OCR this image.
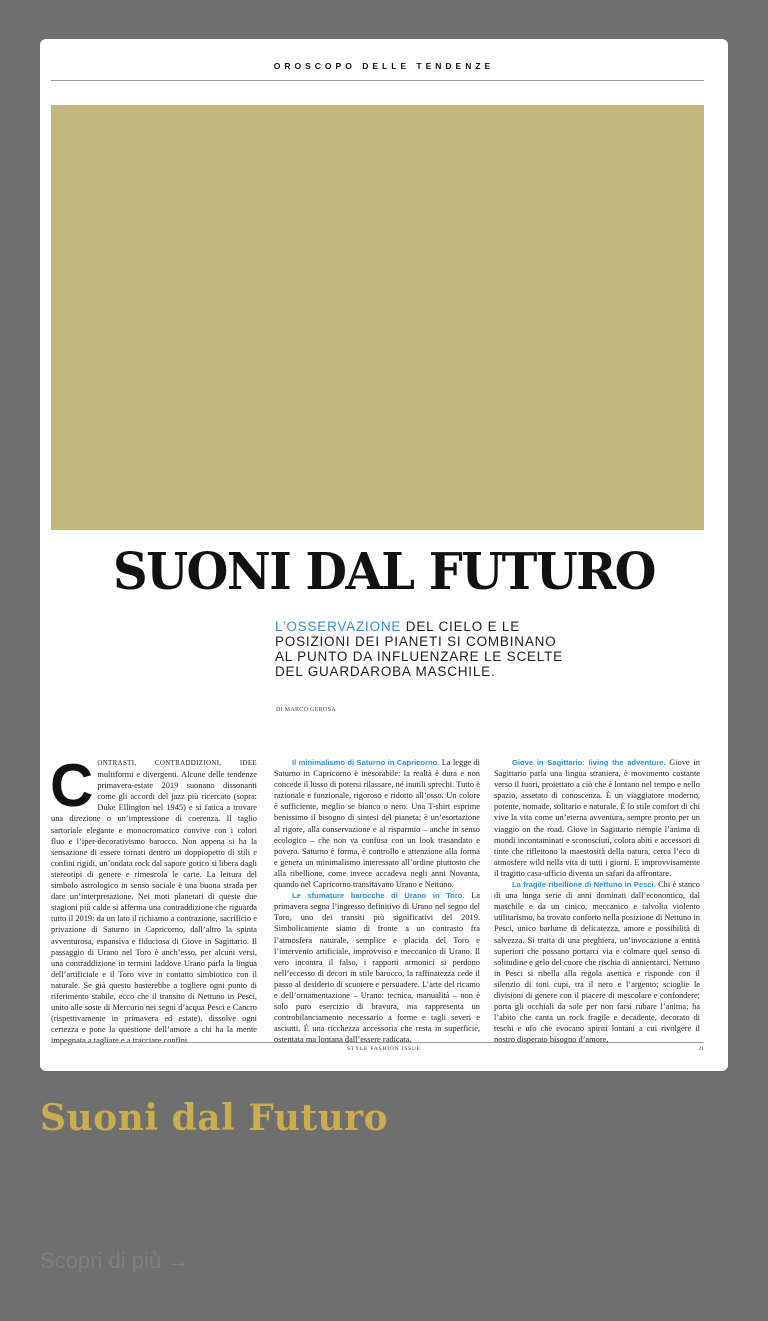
OROSCOPO DELLE TENDENZE
SUONI DAL FUTURO
L’OSSERVAZIONE DEL CIELO E LE POSIZIONI DEI PIANETI SI COMBINANO AL PUNTO DA INFLUENZARE LE SCELTE DEL GUARDAROBA MASCHILE.
DI MARCO GEROSA

CONTRASTI, CONTRADDIZIONI, IDEE multiformi e divergenti. Alcune delle tendenze primavera-estate 2019 suonano dissonanti come gli accordi del jazz più ricercato (sopra: Duke Ellington nel 1945) e si fatica a trovare una direzione o un’impressione di coerenza. Il taglio sartoriale elegante e monocromatico convive con i colori fluo e l’iper-decorativismo barocco. Non appena si ha la sensazione di essere tornati dentro un doppiopetto di stili e confini rigidi, un’ondata rock dal sapore gotico si libera dagli stereotipi di genere e rimescola le carte. La lettura del simbolo astrologico in senso sociale è una buona strada per dare un’interpretazione. Nei moti planetari di queste due stagioni più calde si afferma una contraddizione che riguarda tutto il 2019: da un lato il richiamo a contrazione, sacrificio e privazione di Saturno in Capricorno, dall’altro la spinta avventurosa, espansiva e fiduciosa di Giove in Sagittario. Il passaggio di Urano nel Toro è anch’esso, per alcuni versi, una contraddizione in termini laddove Urano parla la lingua dell’artificiale e il Toro vive in contatto simbiotico con il naturale. Se già questo basterebbe a togliere ogni punto di riferimento stabile, ecco che il transito di Nettuno in Pesci, unito alle soste di Mercurio nei segni d’acqua Pesci e Cancro (rispettivamente in primavera ed estate), dissolve ogni certezza e pone la questione dell’amore a chi ha la mente impegnata a tagliare e a tracciare confini.

Il minimalismo di Saturno in Capricorno. La legge di Saturno in Capricorno è inesorabile: la realtà è dura e non concede il lusso di potersi rilassare, né inutili sprechi. Tutto è razionale e funzionale, rigoroso e ridotto all’osso. Un colore è sufficiente, meglio se bianco o nero. Una T-shirt esprime benissimo il bisogno di sintesi del pianeta; è un’esortazione al rigore, alla conservazione e al risparmio – anche in senso ecologico – che non va confusa con un look trasandato e povero. Saturno è forma, è controllo e attenzione alla forma e genera un minimalismo interessato all’ordine piuttosto che alla ribellione, come invece accadeva negli anni Novanta, quando nel Capricorno transitavano Urano e Nettuno.

Le sfumature barocche di Urano in Toro. La primavera segna l’ingresso definitivo di Urano nel segno del Toro, uno dei transiti più significativi del 2019. Simbolicamente siamo di fronte a un contrasto fra l’atmosfera naturale, semplice e placida del Toro e l’intervento artificiale, improvviso e meccanico di Urano. Il vero incontra il falso, i rapporti armonici si perdono nell’eccesso di decori in stile barocco, la raffinatezza cede il passo al desiderio di scuotere e persuadere. L’arte del ricamo e dell’ornamentazione – Urano: tecnica, manualità – non è solo puro esercizio di bravura, ma rappresenta un controbilanciamento necessario a forme e tagli severi e asciutti. È una ricchezza accessoria che resta in superficie, ostentata ma lontana dall’essere radicata.

Giove in Sagittario: living the adventure. Giove in Sagittario parla una lingua straniera, è movimento costante verso il fuori, proiettato a ciò che è lontano nel tempo e nello spazio, assetato di conoscenza. È un viaggiatore moderno, potente, nomade, solitario e naturale. È lo stile comfort di chi vive la vita come un’eterna avventura, sempre pronto per un viaggio on the road. Giove in Sagittario riempie l’anima di mondi incontaminati e sconosciuti, colora abiti e accessori di tinte che riflettono la maestosità della natura, cerca l’eco di atmosfere wild nella vita di tutti i giorni. E improvvisamente il tragitto casa-ufficio diventa un safari da affrontare.

La fragile ribellione di Nettuno in Pesci. Chi è stanco di una lunga serie di anni dominati dall’economico, dal maschile e da un cinico, meccanico e talvolta violento utilitarismo, ha trovato conforto nella posizione di Nettuno in Pesci, unico barlume di delicatezza, amore e possibilità di salvezza. Si tratta di una preghiera, un’invocazione a entità superiori che possano portarci via e colmare quel senso di solitudine e gelo del cuore che rischia di annientarci. Nettuno in Pesci si ribella alla regola asettica e risponde con il silenzio di toni cupi, tra il nero e l’argento; scioglie le divisioni di genere con il piacere di mescolare e confondere; porta gli occhiali da sole per non farsi rubare l’anima; ha l’abito che canta un rock fragile e decadente, decorato di teschi e ufo che evocano spiriti lontani a cui rivolgere il nostro disperato bisogno d’amore.

STYLE FASHION ISSUE	21
Suoni dal Futuro
Scopri di più →
